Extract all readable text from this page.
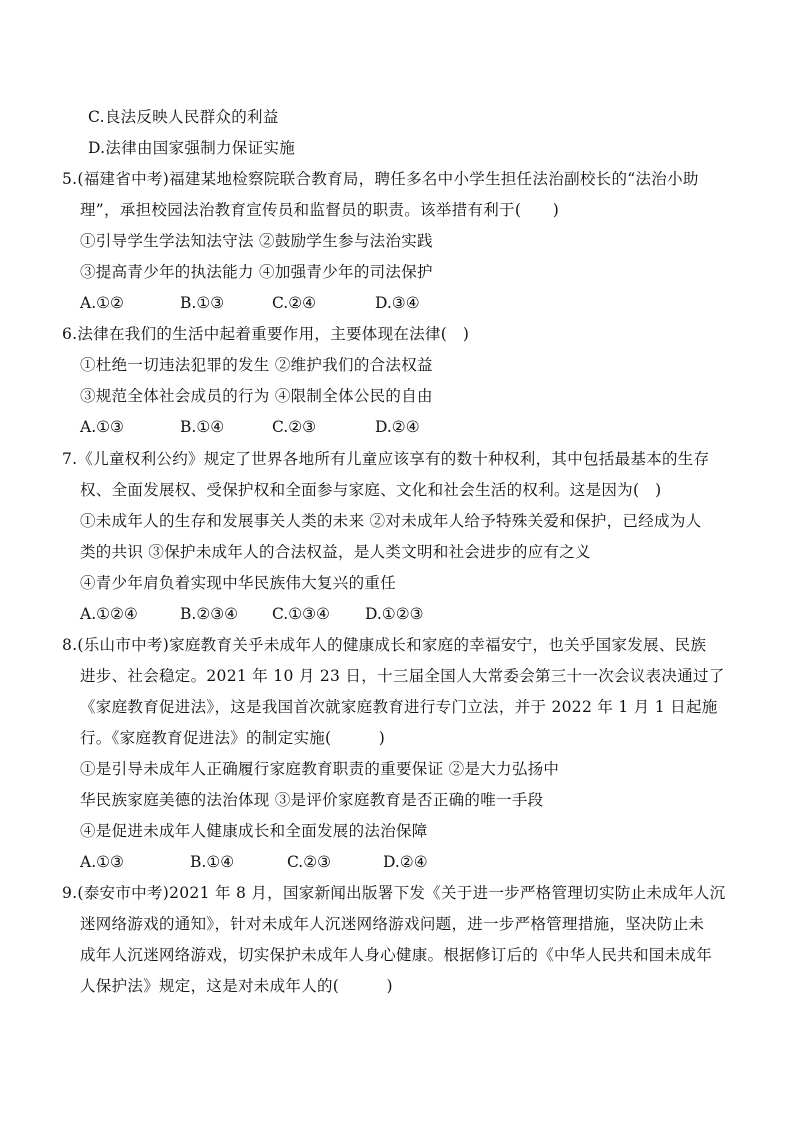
C.良法反映人民群众的利益
D.法律由国家强制力保证实施
5.(福建省中考)福建某地检察院联合教育局，聘任多名中小学生担任法治副校长的“法治小助
理”，承担校园法治教育宣传员和监督员的职责。该举措有利于(　　)
①引导学生学法知法守法 ②鼓励学生参与法治实践
③提高青少年的执法能力 ④加强青少年的司法保护
A.①②	B.①③	C.②④	D.③④
6.法律在我们的生活中起着重要作用，主要体现在法律(　)
①杜绝一切违法犯罪的发生 ②维护我们的合法权益
③规范全体社会成员的行为 ④限制全体公民的自由
A.①③	B.①④	C.②③	D.②④
7.《儿童权利公约》规定了世界各地所有儿童应该享有的数十种权利，其中包括最基本的生存
权、全面发展权、受保护权和全面参与家庭、文化和社会生活的权利。这是因为(　)
①未成年人的生存和发展事关人类的未来 ②对未成年人给予特殊关爱和保护，已经成为人
类的共识 ③保护未成年人的合法权益，是人类文明和社会进步的应有之义
④青少年肩负着实现中华民族伟大复兴的重任
A.①②④	B.②③④ C.①③④ D.①②③
8.(乐山市中考)家庭教育关乎未成年人的健康成长和家庭的幸福安宁，也关乎国家发展、民族
进步、社会稳定。2021 年 10 月 23 日，十三届全国人大常委会第三十一次会议表决通过了
《家庭教育促进法》，这是我国首次就家庭教育进行专门立法，并于 2022 年 1 月 1 日起施
行。《家庭教育促进法》的制定实施(　　　)
①是引导未成年人正确履行家庭教育职责的重要保证 ②是大力弘扬中
华民族家庭美德的法治体现 ③是评价家庭教育是否正确的唯一手段
④是促进未成年人健康成长和全面发展的法治保障
A.①③	B.①④	C.②③	D.②④
9.(泰安市中考)2021 年 8 月，国家新闻出版署下发《关于进一步严格管理切实防止未成年人沉
迷网络游戏的通知》，针对未成年人沉迷网络游戏问题，进一步严格管理措施，坚决防止未
成年人沉迷网络游戏，切实保护未成年人身心健康。根据修订后的《中华人民共和国未成年
人保护法》规定，这是对未成年人的(　　　)
